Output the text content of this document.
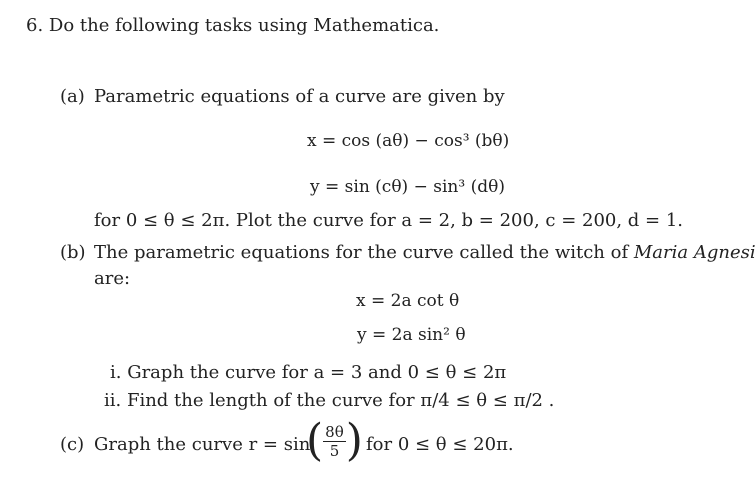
6. Do the following tasks using Mathematica.
(a) Parametric equations of a curve are given by
x = cos (aθ) − cos³ (bθ)
y = sin (cθ) − sin³ (dθ)
for 0 ≤ θ ≤ 2π. Plot the curve for a = 2, b = 200, c = 200, d = 1.
(b) The parametric equations for the curve called the witch of Maria Agnesi
are:
x = 2a cot θ
y = 2a sin² θ
i. Graph the curve for a = 3 and 0 ≤ θ ≤ 2π
ii. Find the length of the curve for π/4 ≤ θ ≤ π/2 .
(c) Graph the curve r = sin
( $\frac{8\theta}{5}$ ) for 0 ≤ θ ≤ 20π.
